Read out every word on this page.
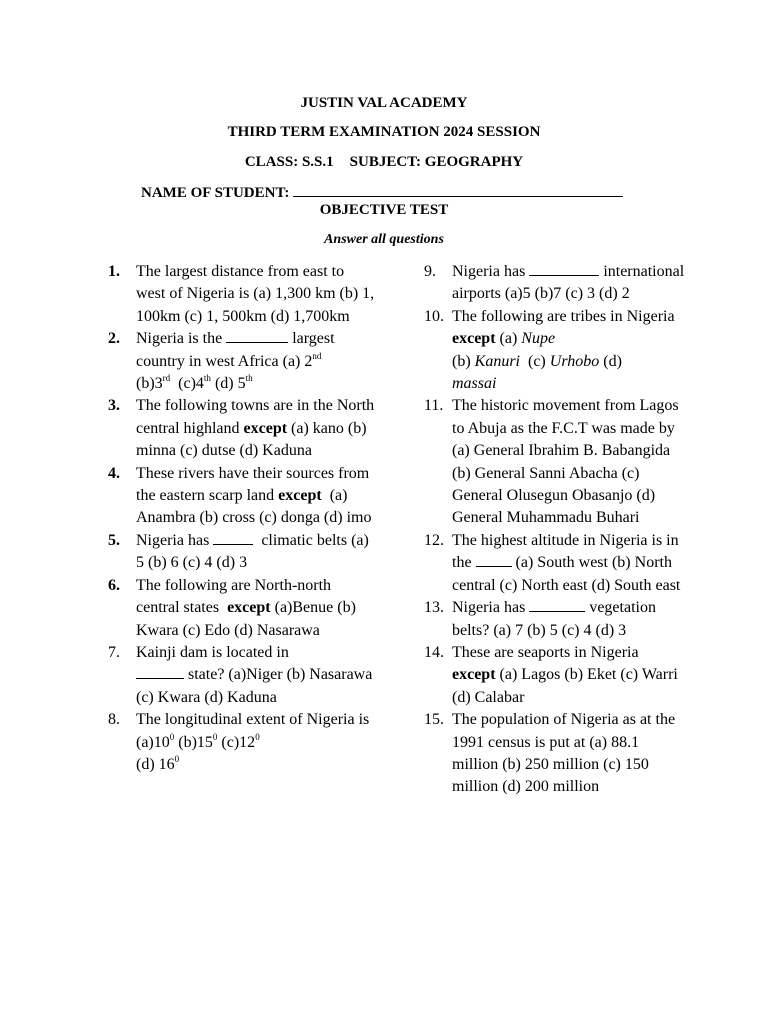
JUSTIN VAL ACADEMY
THIRD TERM EXAMINATION 2024 SESSION
CLASS: S.S.1 SUBJECT: GEOGRAPHY
NAME OF STUDENT:
OBJECTIVE TEST
Answer all questions
1. The largest distance from east to west of Nigeria is (a) 1,300 km (b) 1, 100km (c) 1, 500km (d) 1,700km
2. Nigeria is the	largest country in west Africa (a) 2nd
(b)3rd (c)4th (d) 5th
3. The following towns are in the North central highland except (a) kano (b) minna (c) dutse (d) Kaduna
4. These rivers have their sources from the eastern scarp land except (a) Anambra (b) cross (c) donga (d) imo
5. Nigeria has	climatic belts (a) 5 (b) 6 (c) 4 (d) 3
6. The following are North-north central states except (a)Benue (b) Kwara (c) Edo (d) Nasarawa
7. Kainji dam is located in
state? (a)Niger (b) Nasarawa (c) Kwara (d) Kaduna
8. The longitudinal extent of Nigeria is $(a)10^0$ $(b)15^0$ $(c)12^0$
(d) $16^0$
9. Nigeria has	international airports (a)5 (b)7 (c) 3 (d) 2
10. The following are tribes in Nigeria  except (a) Nupe
(b) Kanuri (c) Urhobo (d)
massai
11. The historic movement from Lagos to Abuja as the F.C.T was made by (a) General Ibrahim B. Babangida (b) General Sanni Abacha (c) General Olusegun Obasanjo (d) General Muhammadu Buhari
12. The highest altitude in Nigeria is in the	(a) South west (b) North central (c) North east (d) South east
13. Nigeria has	vegetation belts? (a) 7 (b) 5 (c) 4 (d) 3
14. These are seaports in Nigeria
except (a) Lagos (b) Eket (c) Warri (d) Calabar
15. The population of Nigeria as at the 1991 census is put at (a) 88.1 million (b) 250 million (c) 150 million (d) 200 million
